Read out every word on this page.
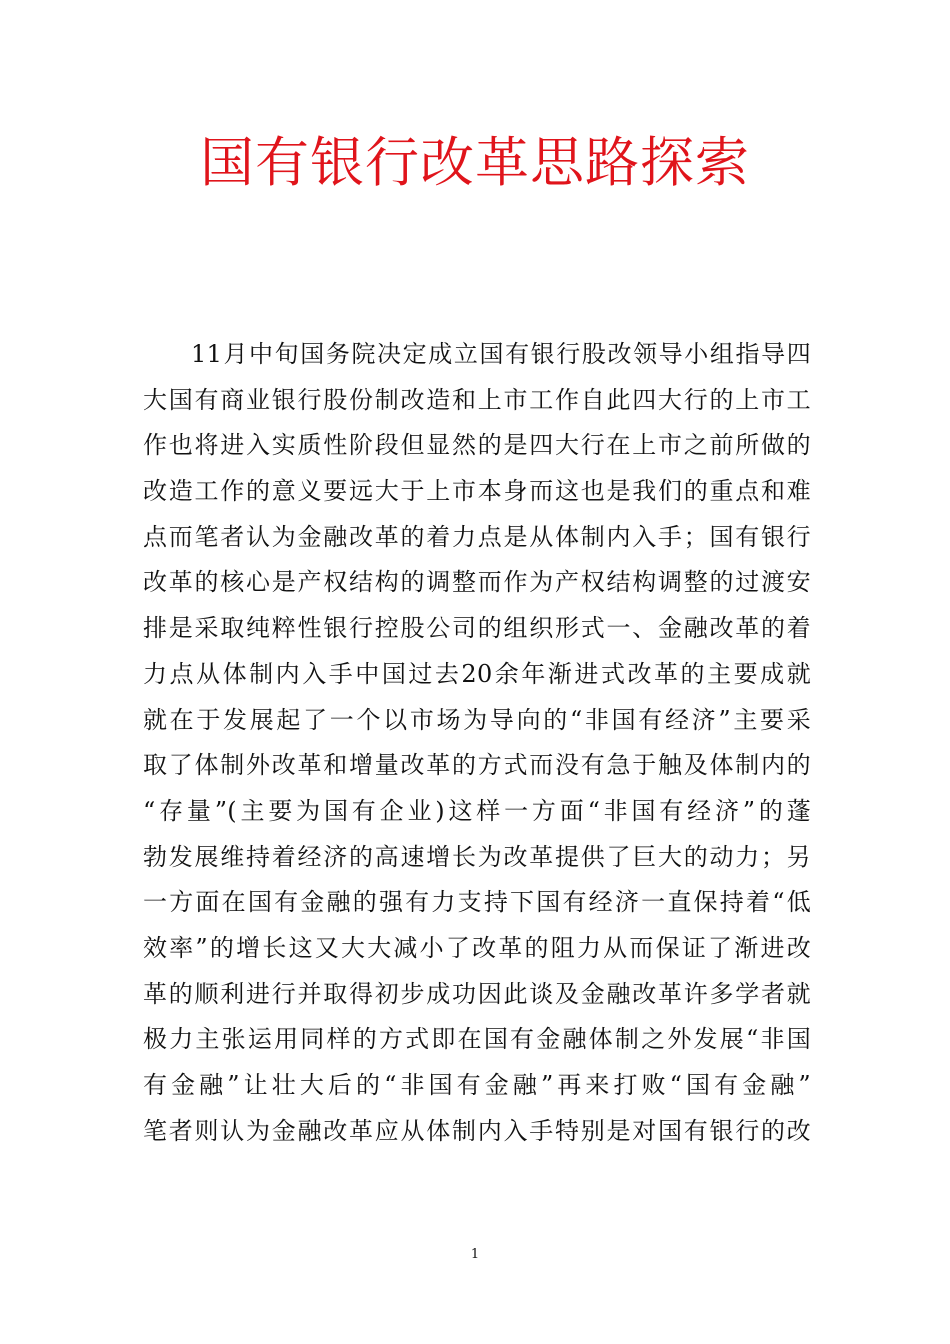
国有银行改革思路探索
11月中旬国务院决定成立国有银行股改领导小组指导四
大国有商业银行股份制改造和上市工作自此四大行的上市工
作也将进入实质性阶段但显然的是四大行在上市之前所做的
改造工作的意义要远大于上市本身而这也是我们的重点和难
点而笔者认为金融改革的着力点是从体制内入手；国有银行
改革的核心是产权结构的调整而作为产权结构调整的过渡安
排是采取纯粹性银行控股公司的组织形式一、金融改革的着
力点从体制内入手中国过去20余年渐进式改革的主要成就
就在于发展起了一个以市场为导向的“非国有经济”主要采
取了体制外改革和增量改革的方式而没有急于触及体制内的
“存量”(主要为国有企业)这样一方面“非国有经济”的蓬
勃发展维持着经济的高速增长为改革提供了巨大的动力；另
一方面在国有金融的强有力支持下国有经济一直保持着“低
效率”的增长这又大大减小了改革的阻力从而保证了渐进改
革的顺利进行并取得初步成功因此谈及金融改革许多学者就
极力主张运用同样的方式即在国有金融体制之外发展“非国
有金融”让壮大后的“非国有金融”再来打败“国有金融”
笔者则认为金融改革应从体制内入手特别是对国有银行的改
1
